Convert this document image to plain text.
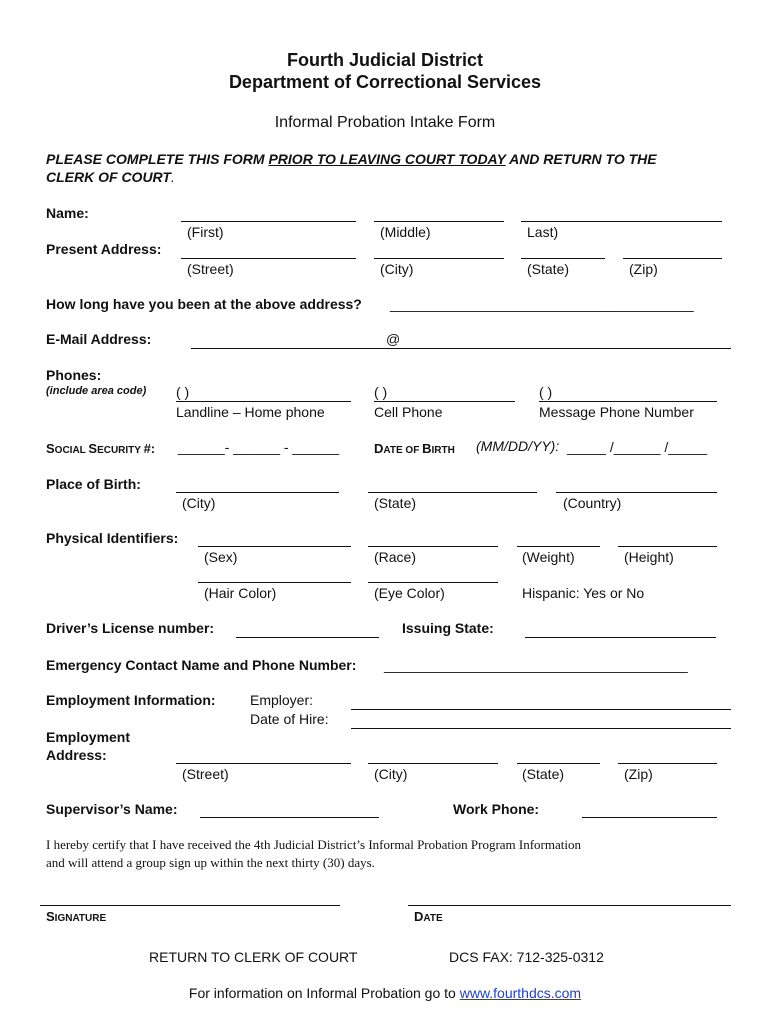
Fourth Judicial District
Department of Correctional Services
Informal Probation Intake Form
PLEASE COMPLETE THIS FORM PRIOR TO LEAVING COURT TODAY AND RETURN TO THE
CLERK OF COURT.
Name:
(First)	(Middle)	Last)
Present Address:
(Street)	(City)	(State)	(Zip)
How long have you been at the above address? _______________________________________
E-Mail Address:	@
Phones:
(include area code) ( )	( )	( )
Landline – Home phone	Cell Phone	Message Phone Number
SOCIAL SECURITY #: ______- ______ - ______	DATE OF BIRTH (MM/DD/YY): _____ /______ /_____
Place of Birth:
(City)	(State)	(Country)
Physical Identifiers:
(Sex)	(Race)	(Weight)	(Height)
(Hair Color)	(Eye Color)	Hispanic: Yes or No
Driver’s License number:	Issuing State:
Emergency Contact Name and Phone Number: _______________________________________
Employment Information: Employer:
Date of Hire:
Employment
Address:
(Street)	(City)	(State)	(Zip)
Supervisor’s Name:	Work Phone:
I hereby certify that I have received the 4th Judicial District’s Informal Probation Program Information
and will attend a group sign up within the next thirty (30) days.
SIGNATURE	DATE
RETURN TO CLERK OF COURT	DCS FAX: 712-325-0312
For information on Informal Probation go to www.fourthdcs.com
